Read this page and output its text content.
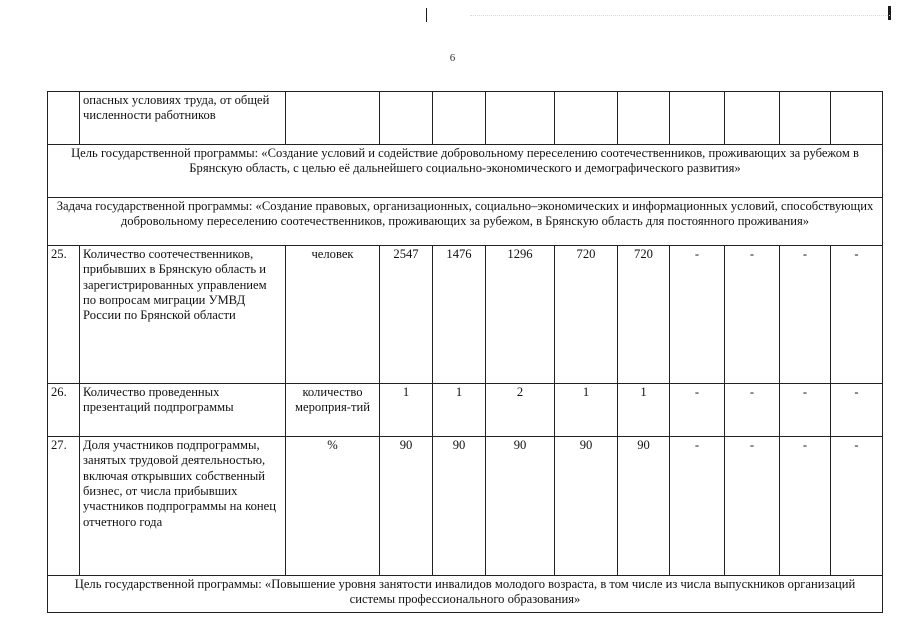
6
	опасных условиях труда, от общей численности работников										
Цель государственной программы: «Создание условий и содействие добровольному переселению соотечественников, проживающих за рубежом в Брянскую область, с целью её дальнейшего социально-экономического и демографического развития»											
Задача государственной программы: «Создание правовых, организационных, социально–экономических и информационных условий, способствующих добровольному переселению соотечественников, проживающих за рубежом, в Брянскую область для постоянного проживания»											
25.	Количество соотечественников, прибывших в Брянскую область и зарегистрированных управлением по вопросам миграции УМВД России по Брянской области	человек	2547	1476	1296	720	720	-	-	-	-
26.	Количество проведенных презентаций подпрограммы	количество мероприя-тий	1	1	2	1	1	-	-	-	-
27.	Доля участников подпрограммы, занятых трудовой деятельностью, включая открывших собственный бизнес, от числа прибывших участников подпрограммы на конец отчетного года	%	90	90	90	90	90	-	-	-	-
Цель государственной программы: «Повышение уровня занятости инвалидов молодого возраста, в том числе из числа выпускников организаций системы профессионального образования»											
